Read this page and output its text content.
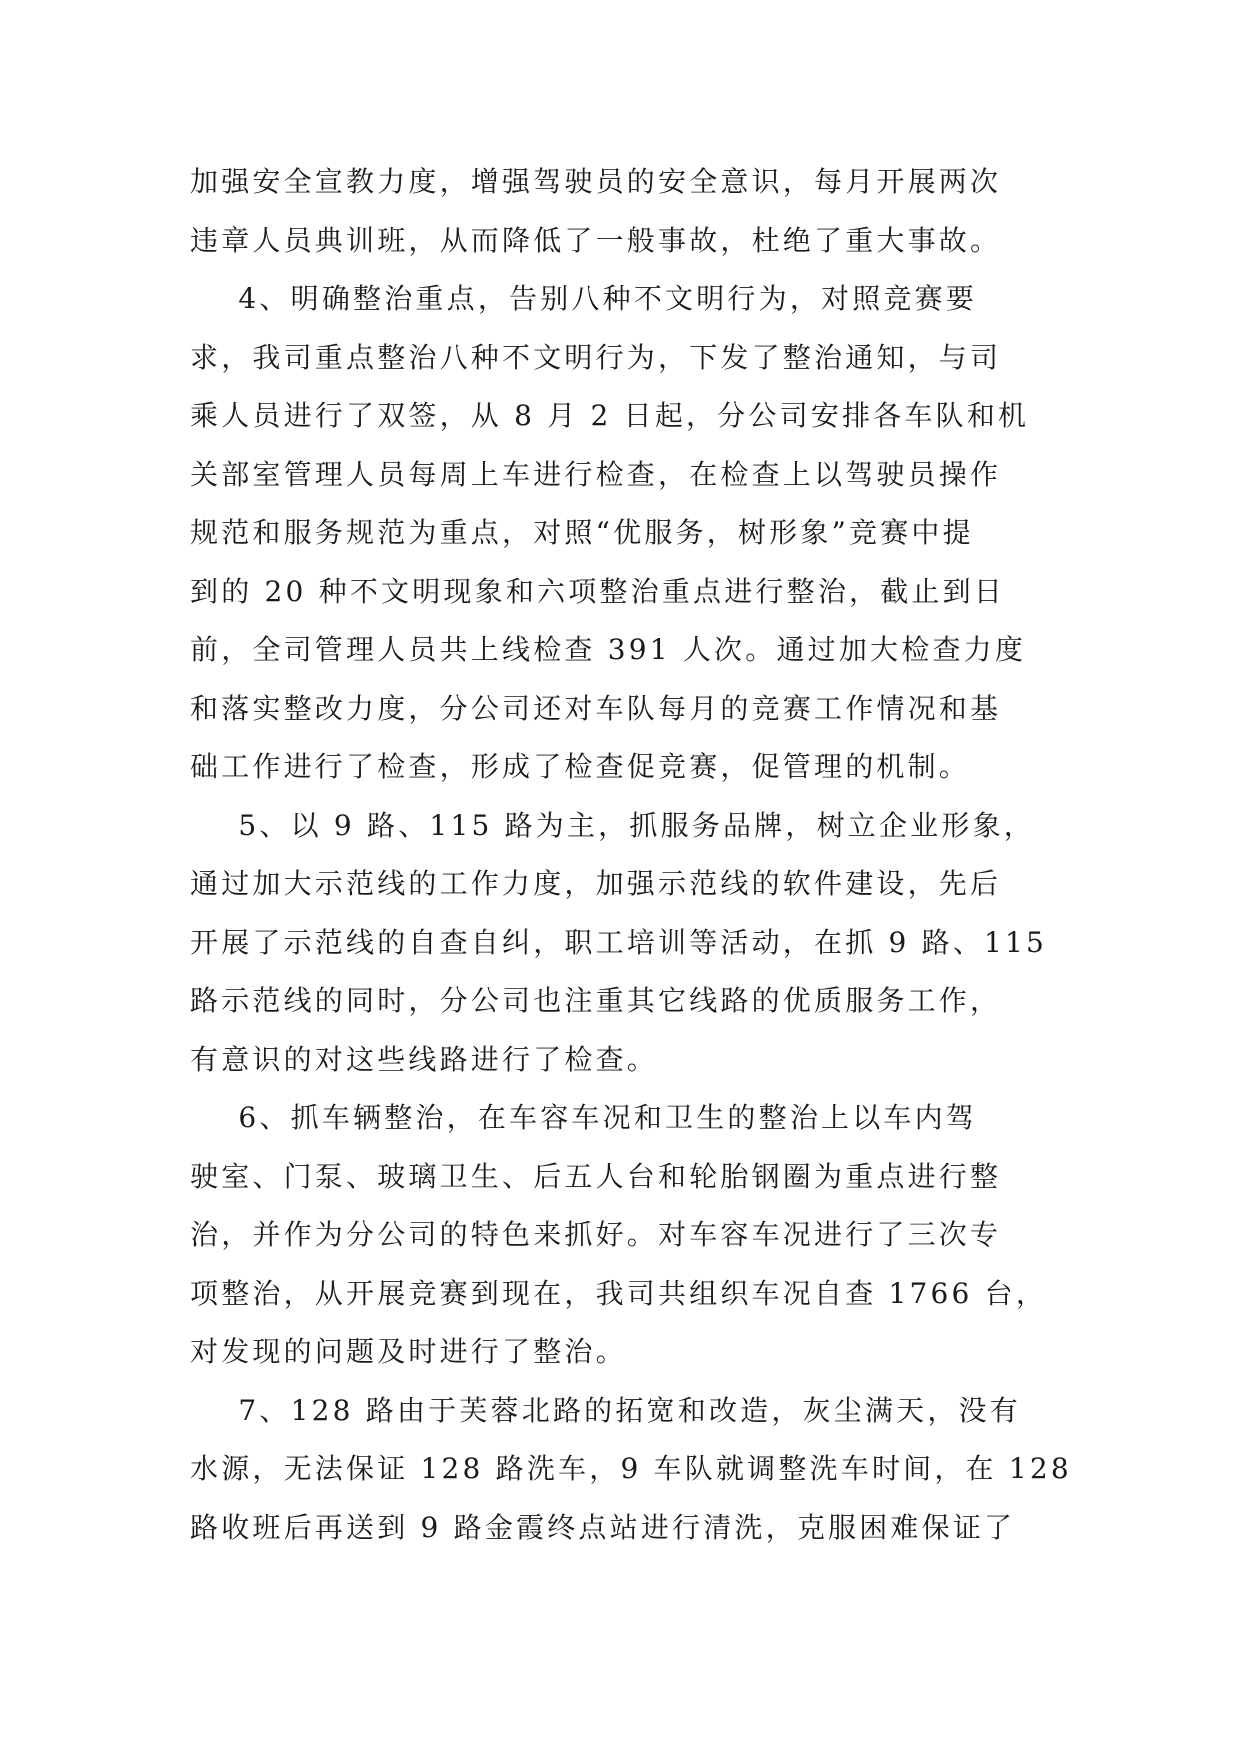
加强安全宣教力度，增强驾驶员的安全意识，每月开展两次
违章人员典训班，从而降低了一般事故，杜绝了重大事故。
4、明确整治重点，告别八种不文明行为，对照竞赛要
求，我司重点整治八种不文明行为，下发了整治通知，与司
乘人员进行了双签，从 8 月 2 日起，分公司安排各车队和机
关部室管理人员每周上车进行检查，在检查上以驾驶员操作
规范和服务规范为重点，对照“优服务，树形象”竞赛中提
到的 20 种不文明现象和六项整治重点进行整治，截止到日
前，全司管理人员共上线检查 391 人次。通过加大检查力度
和落实整改力度，分公司还对车队每月的竞赛工作情况和基
础工作进行了检查，形成了检查促竞赛，促管理的机制。
5、以 9 路、115 路为主，抓服务品牌，树立企业形象，
通过加大示范线的工作力度，加强示范线的软件建设，先后
开展了示范线的自查自纠，职工培训等活动，在抓 9 路、115
路示范线的同时，分公司也注重其它线路的优质服务工作，
有意识的对这些线路进行了检查。
6、抓车辆整治，在车容车况和卫生的整治上以车内驾
驶室、门泵、玻璃卫生、后五人台和轮胎钢圈为重点进行整
治，并作为分公司的特色来抓好。对车容车况进行了三次专
项整治，从开展竞赛到现在，我司共组织车况自查 1766 台，
对发现的问题及时进行了整治。
7、128 路由于芙蓉北路的拓宽和改造，灰尘满天，没有
水源，无法保证 128 路洗车，9 车队就调整洗车时间，在 128
路收班后再送到 9 路金霞终点站进行清洗，克服困难保证了
